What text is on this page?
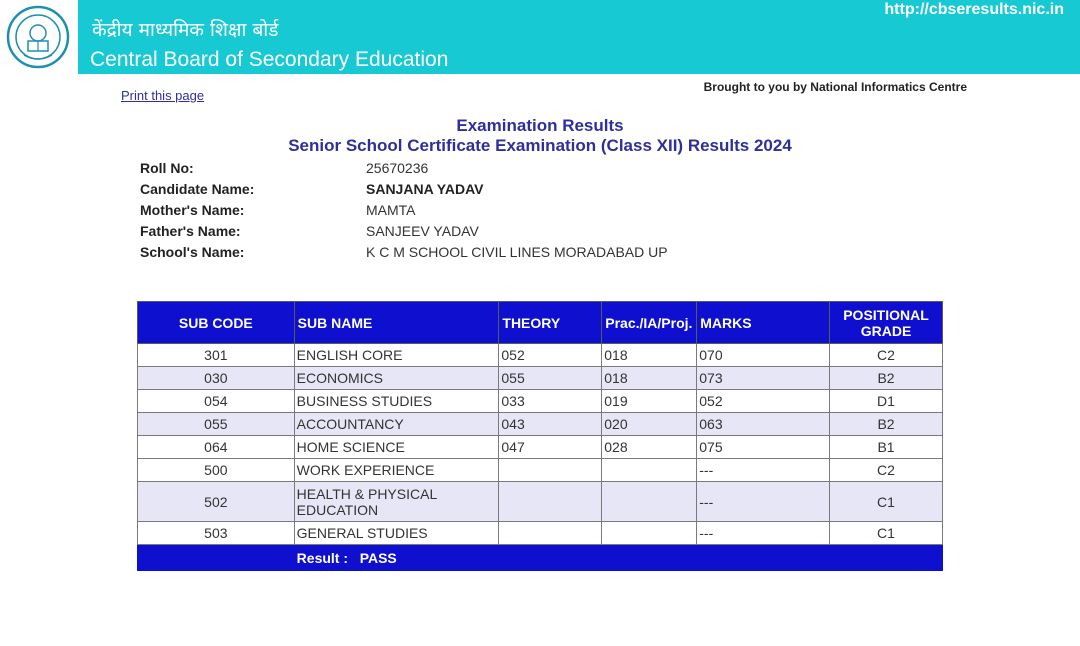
केंद्रीय माध्यमिक शिक्षा बोर्ड
Central Board of Secondary Education
http://cbseresults.nic.in
Print this page
Brought to you by National Informatics Centre
Examination Results
Senior School Certificate Examination (Class XII) Results 2024
Roll No:	25670236
Candidate Name:	SANJANA YADAV
Mother's Name:	MAMTA
Father's Name:	SANJEEV YADAV
School's Name:	K C M SCHOOL CIVIL LINES MORADABAD UP
SUB CODE	SUB NAME	THEORY	Prac./IA/Proj.	MARKS	POSITIONAL GRADE
301	ENGLISH CORE	052	018	070	C2
030	ECONOMICS	055	018	073	B2
054	BUSINESS STUDIES	033	019	052	D1
055	ACCOUNTANCY	043	020	063	B2
064	HOME SCIENCE	047	028	075	B1
500	WORK EXPERIENCE			---	C2
502	HEALTH & PHYSICAL EDUCATION			---	C1
503	GENERAL STUDIES			---	C1
	Result : PASS				
